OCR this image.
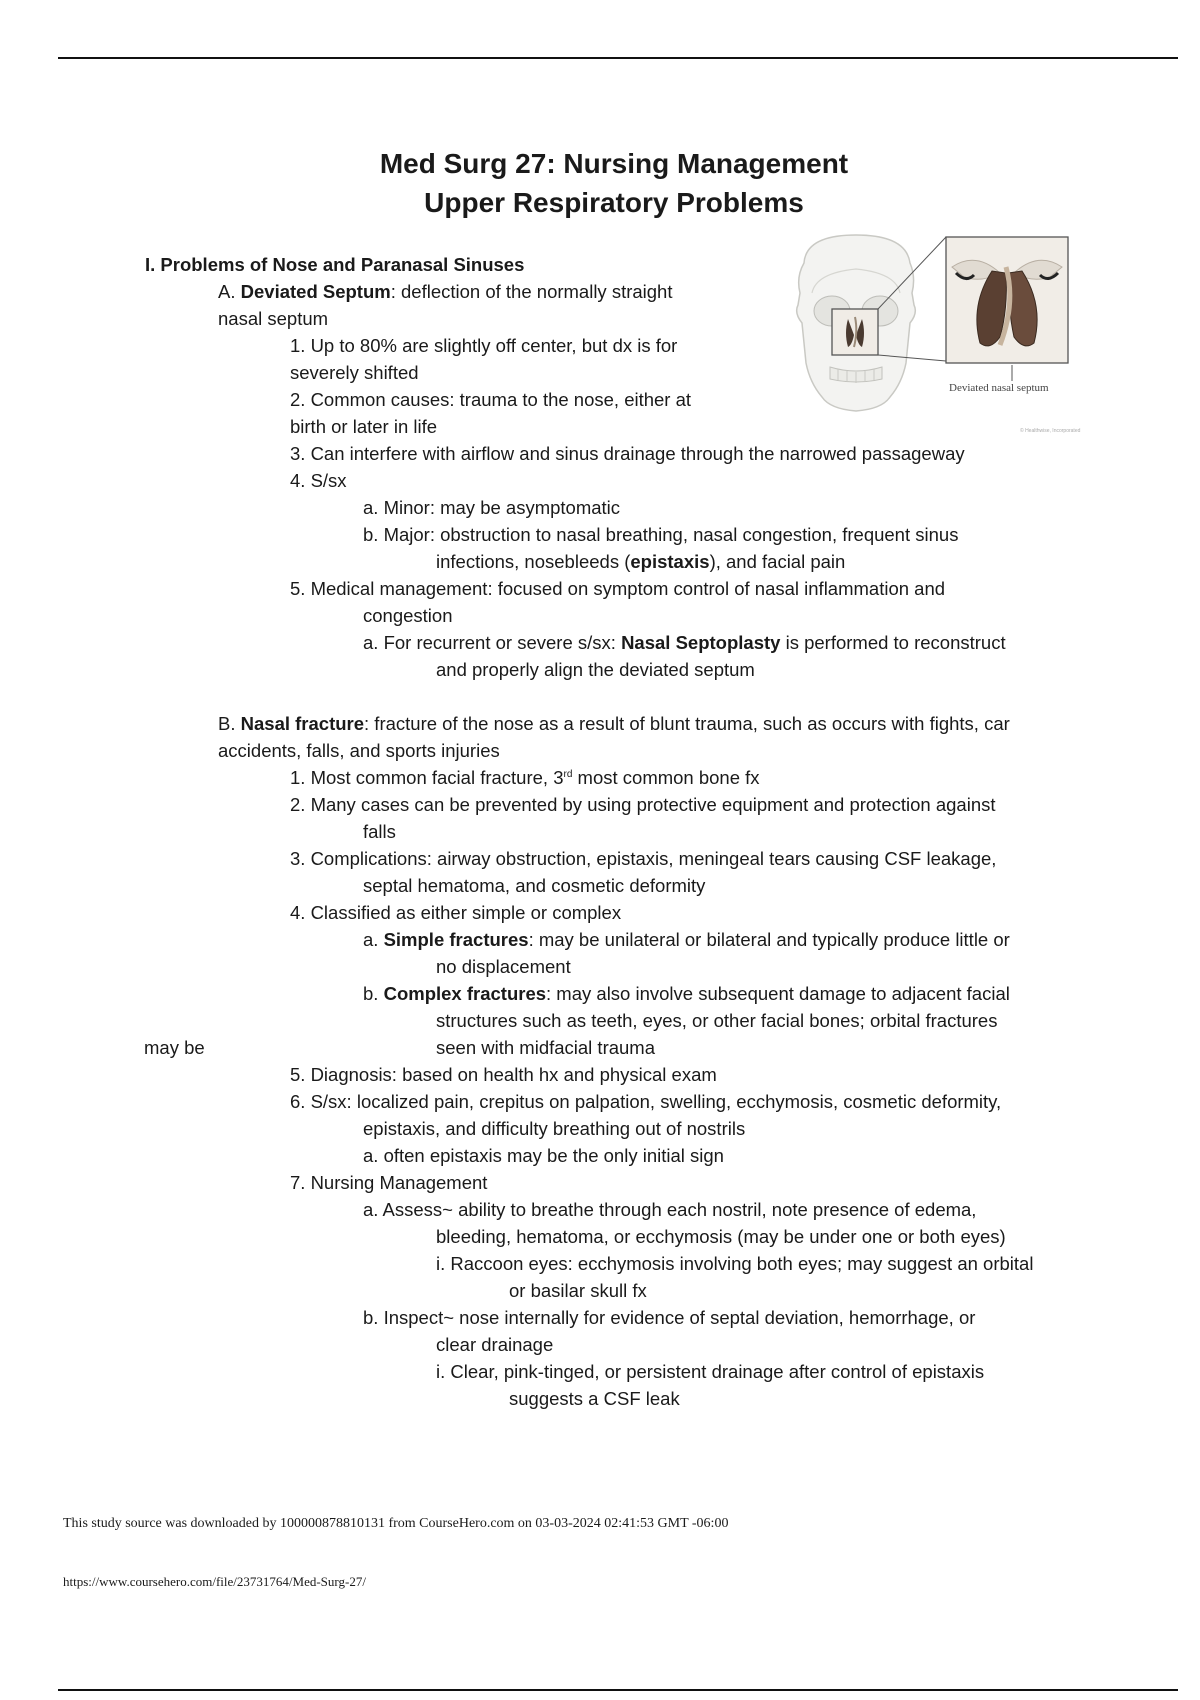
Med Surg 27: Nursing Management
Upper Respiratory Problems
Deviated nasal septum
© Healthwise, Incorporated
I. Problems of Nose and Paranasal Sinuses
A. Deviated Septum: deflection of the normally straight
nasal septum
1. Up to 80% are slightly off center, but dx is for
severely shifted
2. Common causes: trauma to the nose, either at
birth or later in life
3. Can interfere with airflow and sinus drainage through the narrowed passageway
4. S/sx
a. Minor: may be asymptomatic
b. Major: obstruction to nasal breathing, nasal congestion, frequent sinus
infections, nosebleeds (epistaxis), and facial pain
5. Medical management: focused on symptom control of nasal inflammation and
congestion
a. For recurrent or severe s/sx: Nasal Septoplasty is performed to reconstruct
and properly align the deviated septum
B. Nasal fracture: fracture of the nose as a result of blunt trauma, such as occurs with fights, car
accidents, falls, and sports injuries
1. Most common facial fracture, 3rd most common bone fx
2. Many cases can be prevented by using protective equipment and protection against
falls
3. Complications: airway obstruction, epistaxis, meningeal tears causing CSF leakage,
septal hematoma, and cosmetic deformity
4. Classified as either simple or complex
a. Simple fractures: may be unilateral or bilateral and typically produce little or
no displacement
b. Complex fractures: may also involve subsequent damage to adjacent facial
structures such as teeth, eyes, or other facial bones; orbital fractures
may be	seen with midfacial trauma
5. Diagnosis: based on health hx and physical exam
6. S/sx: localized pain, crepitus on palpation, swelling, ecchymosis, cosmetic deformity,
epistaxis, and difficulty breathing out of nostrils
a. often epistaxis may be the only initial sign
7. Nursing Management
a. Assess~ ability to breathe through each nostril, note presence of edema,
bleeding, hematoma, or ecchymosis (may be under one or both eyes)
i. Raccoon eyes: ecchymosis involving both eyes; may suggest an orbital
or basilar skull fx
b. Inspect~ nose internally for evidence of septal deviation, hemorrhage, or
clear drainage
i. Clear, pink-tinged, or persistent drainage after control of epistaxis
suggests a CSF leak
This study source was downloaded by 100000878810131 from CourseHero.com on 03-03-2024 02:41:53 GMT -06:00
https://www.coursehero.com/file/23731764/Med-Surg-27/
